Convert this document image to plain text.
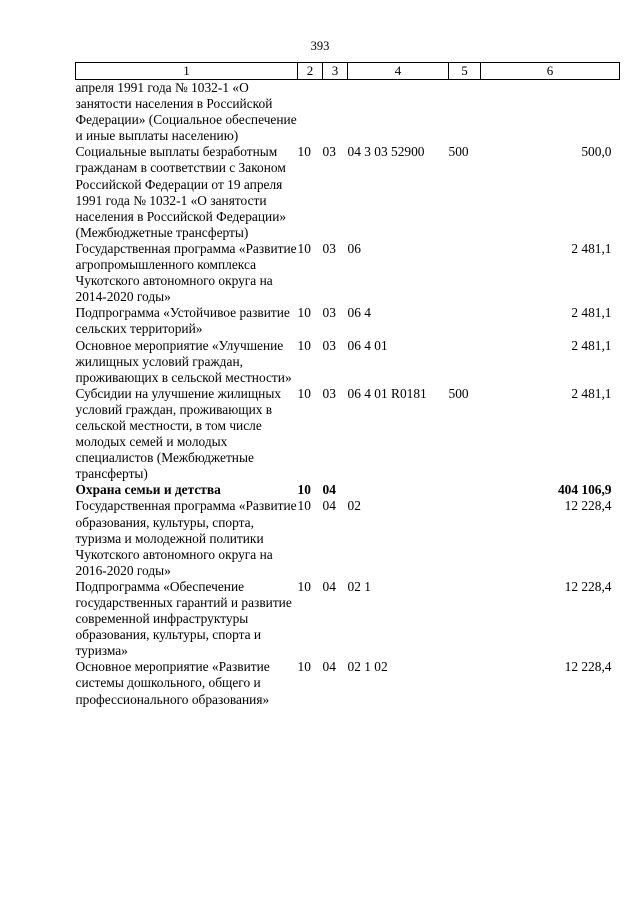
393
1	2	3	4	5	6
апреля 1991 года № 1032-1 «О занятости населения в Российской Федерации» (Социальное обеспечение и иные выплаты населению)					
Социальные выплаты безработным гражданам в соответствии с Законом Российской Федерации от 19 апреля 1991 года № 1032-1 «О занятости населения в Российской Федерации» (Межбюджетные трансферты)	10	03	04 3 03 52900	500	500,0
Государственная программа «Развитие агропромышленного комплекса Чукотского автономного округа на 2014-2020 годы»	10	03	06		2 481,1
Подпрограмма «Устойчивое развитие сельских территорий»	10	03	06 4		2 481,1
Основное мероприятие «Улучшение жилищных условий граждан, проживающих в сельской местности»	10	03	06 4 01		2 481,1
Субсидии на улучшение жилищных условий граждан, проживающих в сельской местности, в том числе молодых семей и молодых специалистов (Межбюджетные трансферты)	10	03	06 4 01 R0181	500	2 481,1
Охрана семьи и детства	10	04			404 106,9
Государственная программа «Развитие образования, культуры, спорта, туризма и молодежной политики Чукотского автономного округа на 2016-2020 годы»	10	04	02		12 228,4
Подпрограмма «Обеспечение государственных гарантий и развитие современной инфраструктуры образования, культуры, спорта и туризма»	10	04	02 1		12 228,4
Основное мероприятие «Развитие системы дошкольного, общего и профессионального образования»	10	04	02 1 02		12 228,4
